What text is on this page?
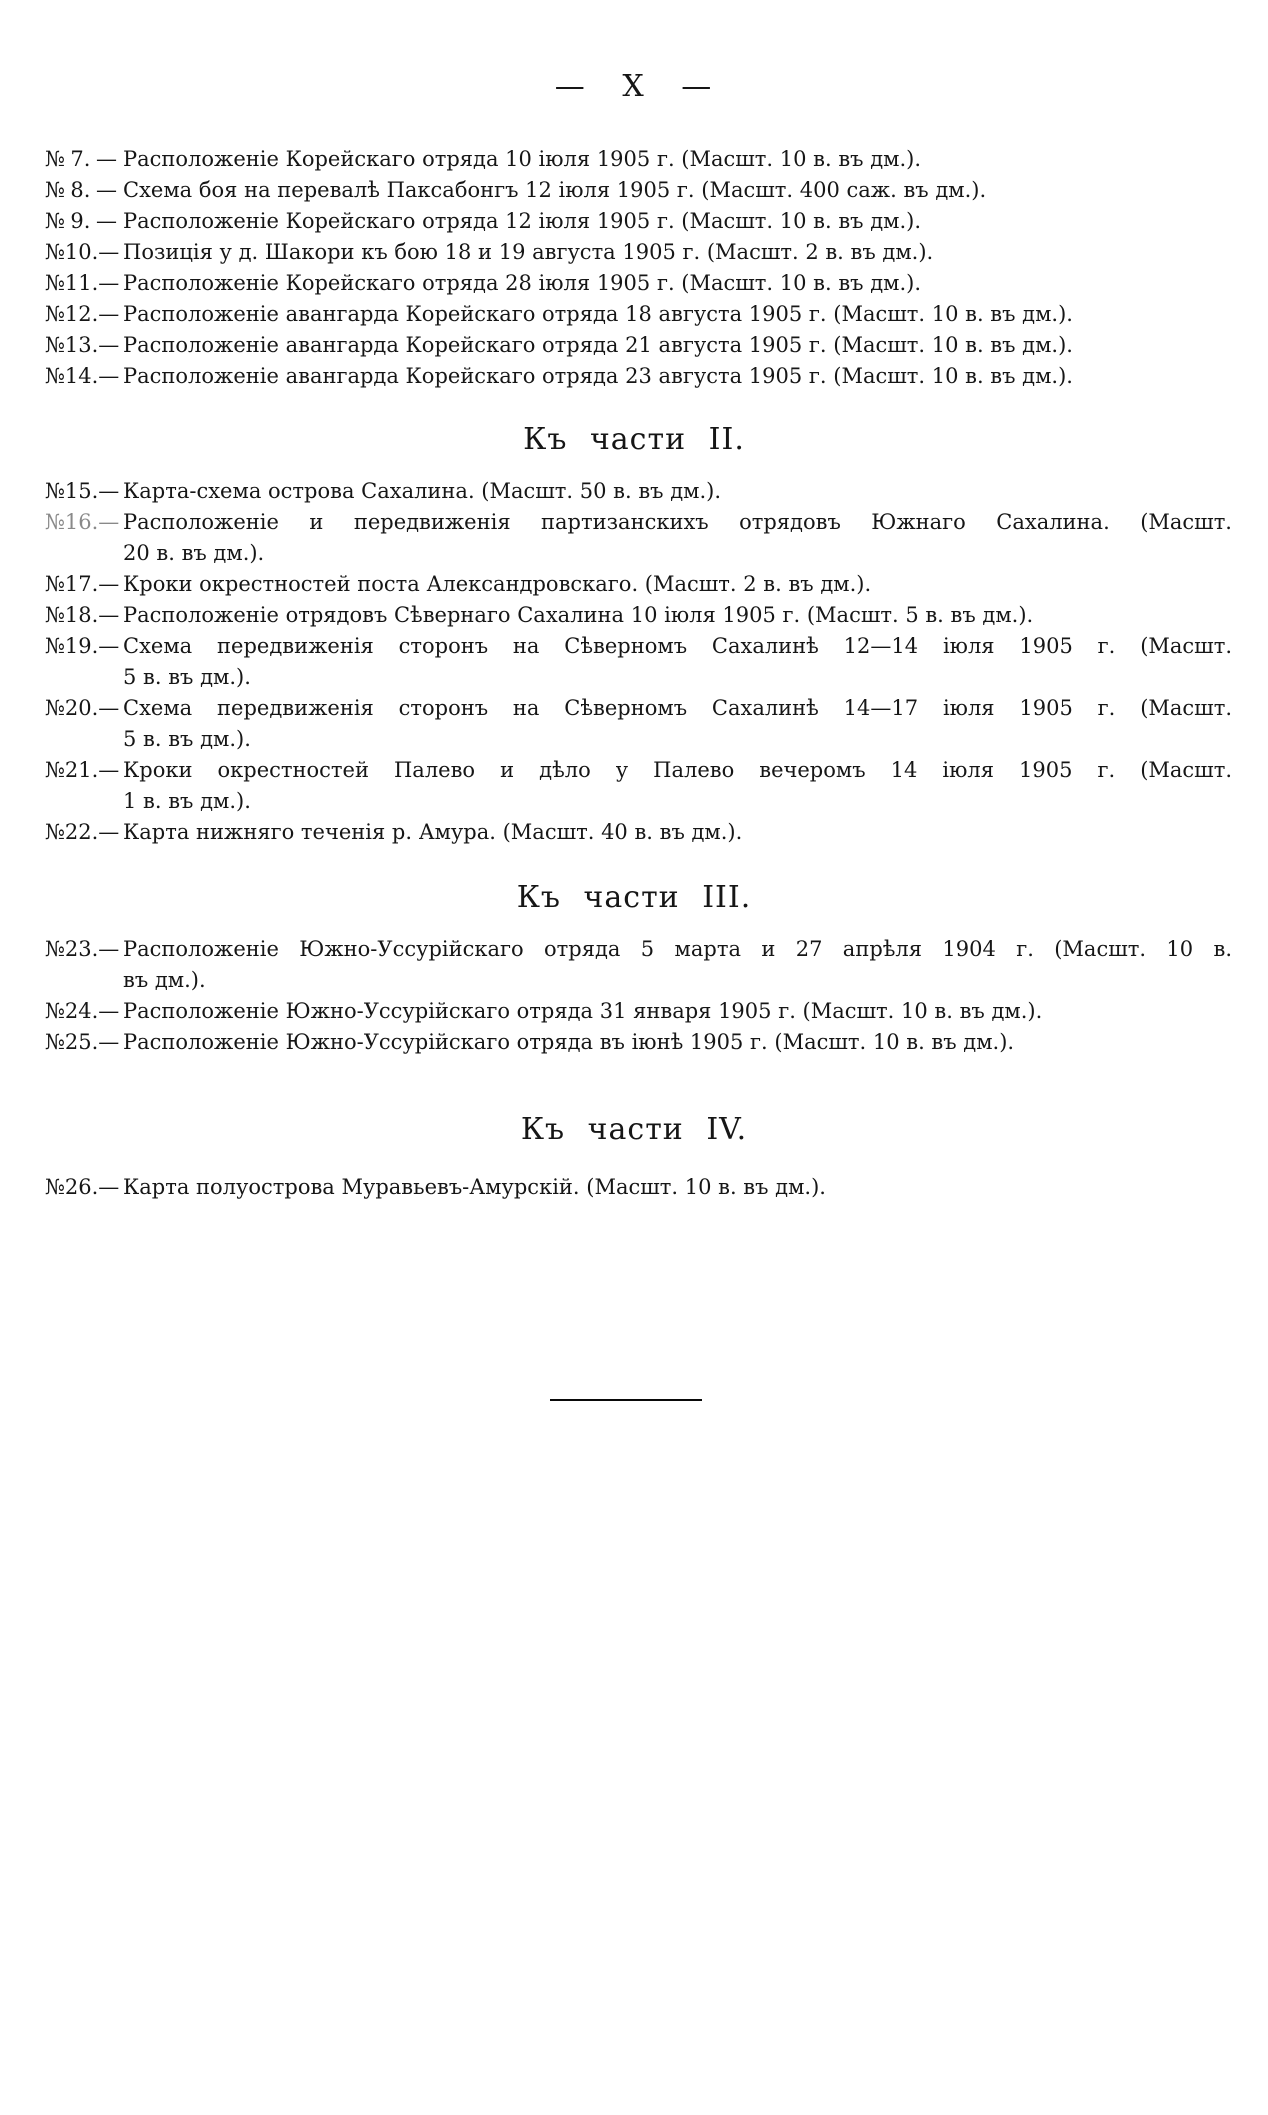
— X —
№ 7. — Расположеніе Корейскаго отряда 10 іюля 1905 г. (Масшт. 10 в. въ дм.).
№ 8. — Схема боя на перевалѣ Паксабонгъ 12 іюля 1905 г. (Масшт. 400 саж. въ дм.).
№ 9. — Расположеніе Корейскаго отряда 12 іюля 1905 г. (Масшт. 10 в. въ дм.).
№ 10. — Позиція у д. Шакори къ бою 18 и 19 августа 1905 г. (Масшт. 2 в. въ дм.).
№ 11. — Расположеніе Корейскаго отряда 28 іюля 1905 г. (Масшт. 10 в. въ дм.).
№ 12. — Расположеніе авангарда Корейскаго отряда 18 августа 1905 г. (Масшт. 10 в. въ дм.).
№ 13. — Расположеніе авангарда Корейскаго отряда 21 августа 1905 г. (Масшт. 10 в. въ дм.).
№ 14. — Расположеніе авангарда Корейскаго отряда 23 августа 1905 г. (Масшт. 10 в. въ дм.).
Къ части II.
№ 15. — Карта-схема острова Сахалина. (Масшт. 50 в. въ дм.).
№ 16. — Расположеніе и передвиженія партизанскихъ отрядовъ Южнаго Сахалина. (Масшт.
20 в. въ дм.).
№ 17. — Кроки окрестностей поста Александровскаго. (Масшт. 2 в. въ дм.).
№ 18. — Расположеніе отрядовъ Сѣвернаго Сахалина 10 іюля 1905 г. (Масшт. 5 в. въ дм.).
№ 19. — Схема передвиженія сторонъ на Сѣверномъ Сахалинѣ 12—14 іюля 1905 г. (Масшт.
5 в. въ дм.).
№ 20. — Схема передвиженія сторонъ на Сѣверномъ Сахалинѣ 14—17 іюля 1905 г. (Масшт.
5 в. въ дм.).
№ 21. — Кроки окрестностей Палево и дѣло у Палево вечеромъ 14 іюля 1905 г. (Масшт.
1 в. въ дм.).
№ 22. — Карта нижняго теченія р. Амура. (Масшт. 40 в. въ дм.).
Къ части III.
№ 23. — Расположеніе Южно-Уссурійскаго отряда 5 марта и 27 апрѣля 1904 г. (Масшт. 10 в.
въ дм.).
№ 24. — Расположеніе Южно-Уссурійскаго отряда 31 января 1905 г. (Масшт. 10 в. въ дм.).
№ 25. — Расположеніе Южно-Уссурійскаго отряда въ іюнѣ 1905 г. (Масшт. 10 в. въ дм.).
Къ части IV.
№ 26. — Карта полуострова Муравьевъ-Амурскій. (Масшт. 10 в. въ дм.).
